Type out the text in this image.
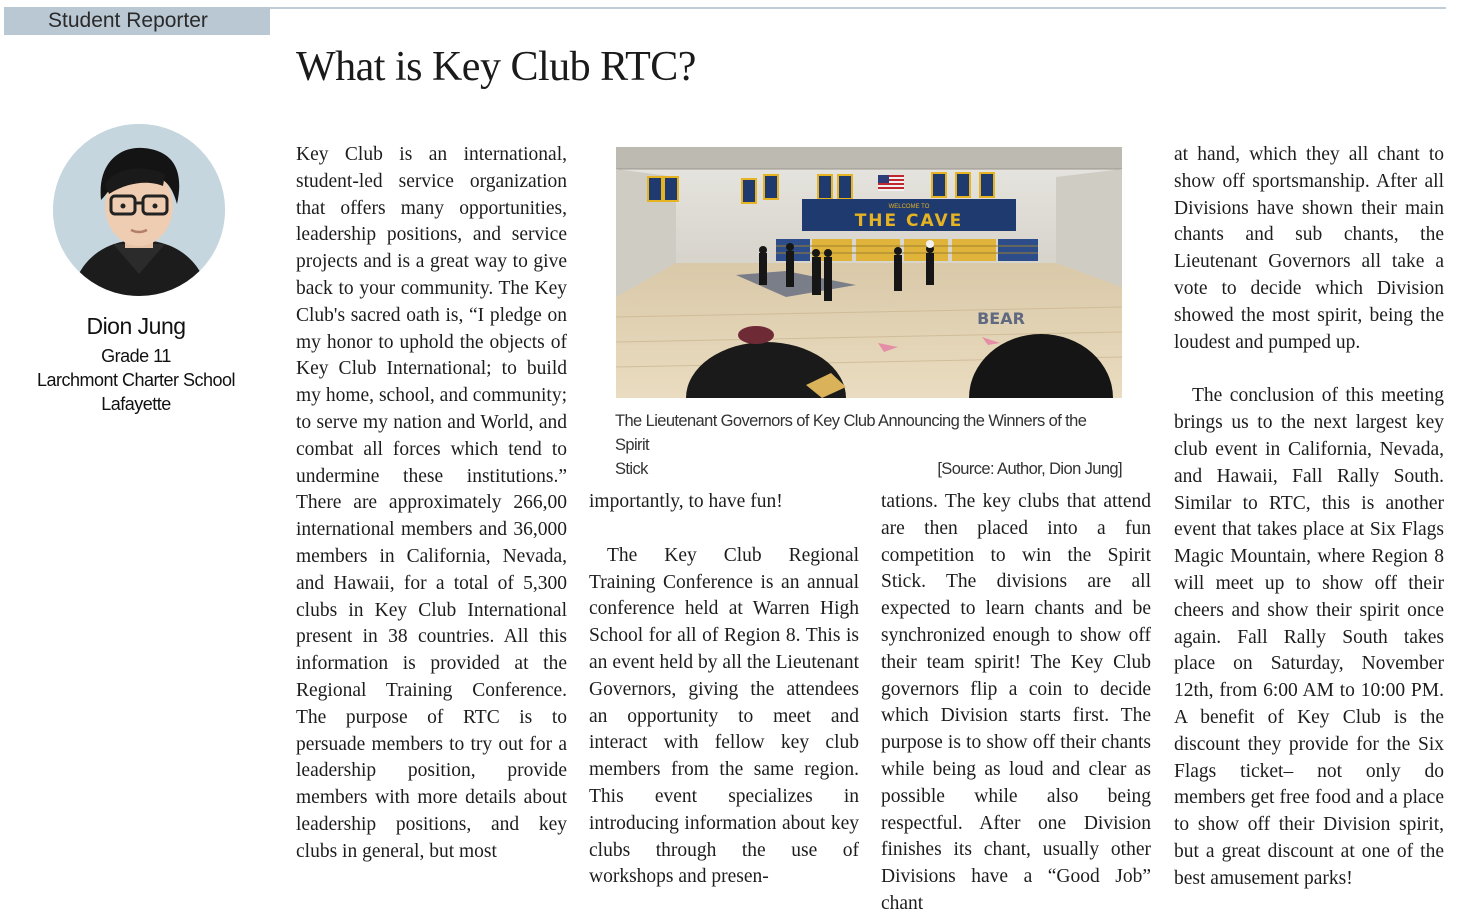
Student Reporter
What is Key Club RTC?
Dion Jung
Grade 11
Larchmont Charter School
Lafayette

Key Club is an international, student-led service organization that offers many opportunities, leadership positions, and service projects and is a great way to give back to your community. The Key Club's sacred oath is, “I pledge on my honor to uphold the objects of Key Club International; to build my home, school, and community; to serve my nation and World, and combat all forces which tend to undermine these institutions.” There are approximately 266,00 international members and 36,000 members in California, Nevada, and Hawaii, for a total of 5,300 clubs in Key Club International present in 38 countries. All this information is provided at the Regional Training Conference. The purpose of RTC is to persuade members to try out for a leadership position, provide members with more details about leadership positions, and key clubs in general, but most

WELCOME TO
THE CAVE
BEAR
The Lieutenant Governors of Key Club Announcing the Winners of the Spirit
Stick	[Source: Author, Dion Jung]

importantly, to have fun!

The Key Club Regional Training Conference is an annual conference held at Warren High School for all of Region 8. This is an event held by all the Lieutenant Governors, giving the attendees an opportunity to meet and interact with fellow key club members from the same region. This event specializes in introducing information about key clubs through the use of workshops and presen-

tations. The key clubs that attend are then placed into a fun competition to win the Spirit Stick. The divisions are all expected to learn chants and be synchronized enough to show off their team spirit! The Key Club governors flip a coin to decide which Division starts first. The purpose is to show off their chants while being as loud and clear as possible while also being respectful. After one Division finishes its chant, usually other Divisions have a “Good Job” chant

at hand, which they all chant to show off sportsmanship. After all Divisions have shown their main chants and sub chants, the Lieutenant Governors all take a vote to decide which Division showed the most spirit, being the loudest and pumped up.

The conclusion of this meeting brings us to the next largest key club event in California, Nevada, and Hawaii, Fall Rally South. Similar to RTC, this is another event that takes place at Six Flags Magic Mountain, where Region 8 will meet up to show off their cheers and show their spirit once again. Fall Rally South takes place on Saturday, November 12th, from 6:00 AM to 10:00 PM. A benefit of Key Club is the discount they provide for the Six Flags ticket– not only do members get free food and a place to show off their Division spirit, but a great discount at one of the best amusement parks!
